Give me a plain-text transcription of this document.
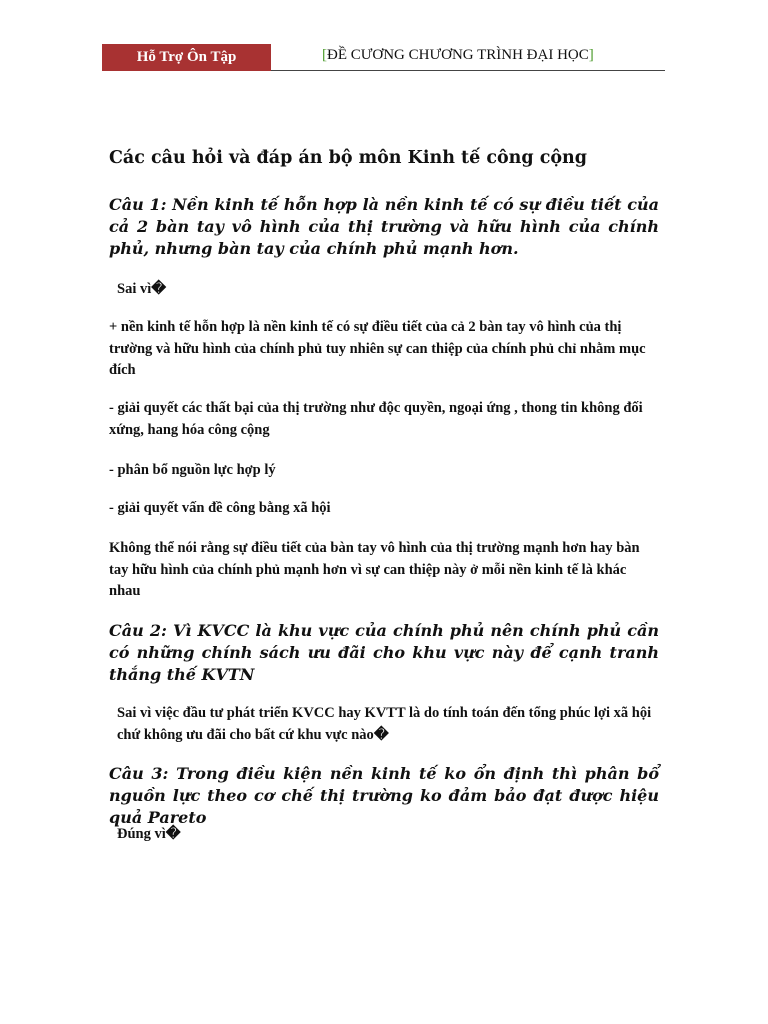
Hỗ Trợ Ôn Tập	[ĐỀ CƯƠNG CHƯƠNG TRÌNH ĐẠI HỌC]
Các câu hỏi và đáp án bộ môn Kinh tế công cộng

Câu 1: Nền kinh tế hỗn hợp là nền kinh tế có sự điều tiết của cả 2 bàn tay vô hình của thị trường và hữu hình của chính phủ, nhưng bàn tay của chính phủ mạnh hơn.

Sai vì�

+ nền kinh tế hỗn hợp là nền kinh tế có sự điều tiết của cả 2 bàn tay vô hình của thị trường và hữu hình của chính phủ tuy nhiên sự can thiệp của chính phủ chỉ nhằm mục đích

- giải quyết các thất bại của thị trường như độc quyền, ngoại ứng , thong tin không đối xứng, hang hóa công cộng

- phân bổ nguồn lực hợp lý

- giải quyết vấn đề công bằng xã hội

Không thể nói rằng sự điều tiết của bàn tay vô hình của thị trường mạnh hơn hay bàn tay hữu hình của chính phủ mạnh hơn vì sự can thiệp này ở mỗi nền kinh tế là khác nhau

Câu 2: Vì KVCC là khu vực của chính phủ nên chính phủ cần có những chính sách ưu đãi cho khu vực này để cạnh tranh thắng thế KVTN

Sai vì việc đầu tư phát triển KVCC hay KVTT là do tính toán đến tổng phúc lợi xã hội chứ không ưu đãi cho bất cứ khu vực nào�

Câu 3: Trong điều kiện nền kinh tế ko ổn định thì phân bổ nguồn lực theo cơ chế thị trường ko đảm bảo đạt được hiệu quả Pareto

Đúng vì�
